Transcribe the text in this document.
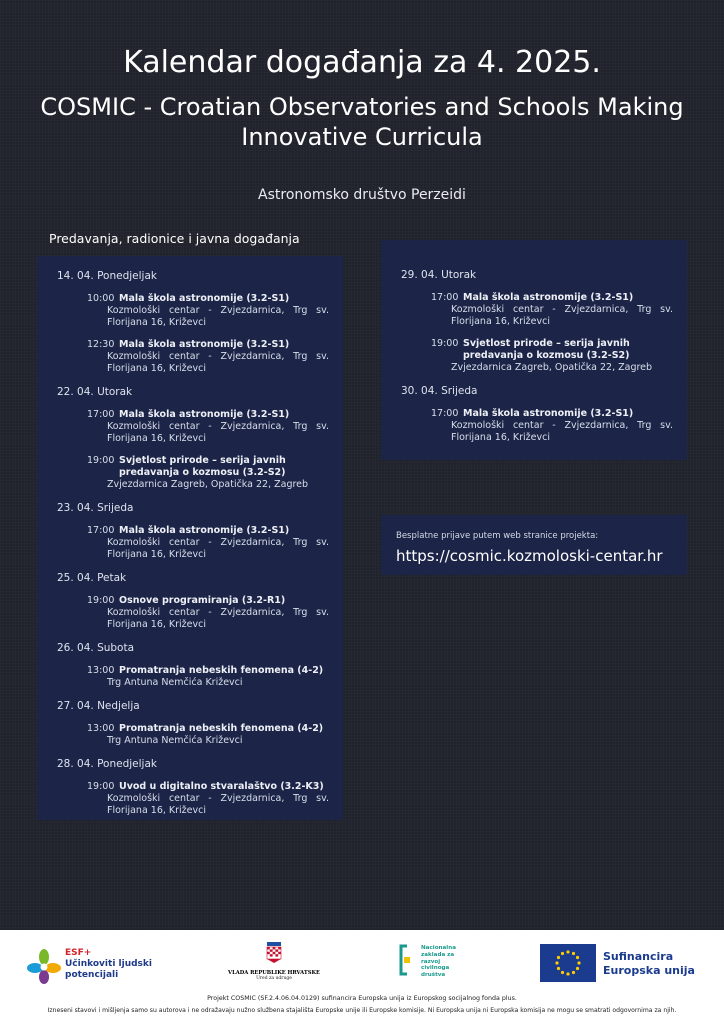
Kalendar događanja za 4. 2025.
COSMIC - Croatian Observatories and Schools Making Innovative Curricula
Astronomsko društvo Perzeidi
Predavanja, radionice i javna događanja
14. 04. Ponedjeljak
10:00 Mala škola astronomije (3.2-S1)
Kozmološki centar - Zvjezdarnica, Trg sv. Florijana 16, Križevci
12:30 Mala škola astronomije (3.2-S1)
Kozmološki centar - Zvjezdarnica, Trg sv. Florijana 16, Križevci
22. 04. Utorak
17:00 Mala škola astronomije (3.2-S1)
Kozmološki centar - Zvjezdarnica, Trg sv. Florijana 16, Križevci
19:00 Svjetlost prirode – serija javnih predavanja o kozmosu (3.2-S2)
Zvjezdarnica Zagreb, Opatička 22, Zagreb
23. 04. Srijeda
17:00 Mala škola astronomije (3.2-S1)
Kozmološki centar - Zvjezdarnica, Trg sv. Florijana 16, Križevci
25. 04. Petak
19:00 Osnove programiranja (3.2-R1)
Kozmološki centar - Zvjezdarnica, Trg sv. Florijana 16, Križevci
26. 04. Subota
13:00 Promatranja nebeskih fenomena (4-2)
Trg Antuna Nemčića Križevci
27. 04. Nedjelja
13:00 Promatranja nebeskih fenomena (4-2)
Trg Antuna Nemčića Križevci
28. 04. Ponedjeljak
19:00 Uvod u digitalno stvaralaštvo (3.2-K3)
Kozmološki centar - Zvjezdarnica, Trg sv. Florijana 16, Križevci
29. 04. Utorak
17:00 Mala škola astronomije (3.2-S1)
Kozmološki centar - Zvjezdarnica, Trg sv. Florijana 16, Križevci
19:00 Svjetlost prirode – serija javnih predavanja o kozmosu (3.2-S2)
Zvjezdarnica Zagreb, Opatička 22, Zagreb
30. 04. Srijeda
17:00 Mala škola astronomije (3.2-S1)
Kozmološki centar - Zvjezdarnica, Trg sv. Florijana 16, Križevci
Besplatne prijave putem web stranice projekta:
https://cosmic.kozmoloski-centar.hr
ESF+
Učinkoviti ljudski
potencijali	VLADA REPUBLIKE HRVATSKE
Ured za udruge
Nacionalna
zaklada za
razvoj
civilnoga
društva
Sufinancira
Europska unija
Projekt COSMIC (SF.2.4.06.04.0129) sufinancira Europska unija iz Europskog socijalnog fonda plus.
Izneseni stavovi i mišljenja samo su autorova i ne odražavaju nužno službena stajališta Europske unije ili Europske komisije. Ni Europska unija ni Europska komisija ne mogu se smatrati odgovornima za njih.
